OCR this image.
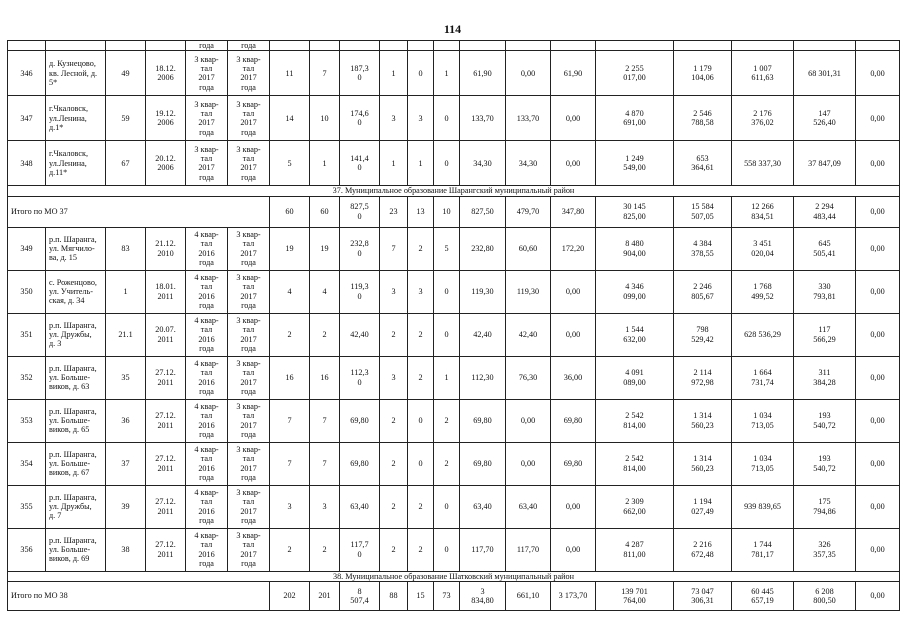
114
				года	года														
346	д. Кузнецово,
кв. Лесной, д.
5*	49	18.12.
2006	3 квар-
тал
2017
года	3 квар-
тал
2017
года	11	7	187,3
0	1	0	1	61,90	0,00	61,90	2 255
017,00	1 179
104,06	1 007
611,63	68 301,31	0,00
347	г.Чкаловск,
ул.Ленина,
д.1*	59	19.12.
2006	3 квар-
тал
2017
года	3 квар-
тал
2017
года	14	10	174,6
0	3	3	0	133,70	133,70	0,00	4 870
691,00	2 546
788,58	2 176
376,02	147
526,40	0,00
348	г.Чкаловск,
ул.Ленина,
д.11*	67	20.12.
2006	3 квар-
тал
2017
года	3 квар-
тал
2017
года	5	1	141,4
0	1	1	0	34,30	34,30	0,00	1 249
549,00	653
364,61	558 337,30	37 847,09	0,00
37. Муниципальное образование Шарангский муниципальный район																			
Итого по МО 37						60	60	827,5
0	23	13	10	827,50	479,70	347,80	30 145
825,00	15 584
507,05	12 266
834,51	2 294
483,44	0,00
349	р.п. Шаранга,
ул. Мягчило-
ва, д. 15	83	21.12.
2010	4 квар-
тал
2016
года	3 квар-
тал
2017
года	19	19	232,8
0	7	2	5	232,80	60,60	172,20	8 480
904,00	4 384
378,55	3 451
020,04	645
505,41	0,00
350	с. Роженцово,
ул. Учитель-
ская, д. 34	1	18.01.
2011	4 квар-
тал
2016
года	3 квар-
тал
2017
года	4	4	119,3
0	3	3	0	119,30	119,30	0,00	4 346
099,00	2 246
805,67	1 768
499,52	330
793,81	0,00
351	р.п. Шаранга,
ул. Дружбы,
д. 3	21.1	20.07.
2011	4 квар-
тал
2016
года	3 квар-
тал
2017
года	2	2	42,40	2	2	0	42,40	42,40	0,00	1 544
632,00	798
529,42	628 536,29	117
566,29	0,00
352	р.п. Шаранга,
ул. Больше-
виков, д. 63	35	27.12.
2011	4 квар-
тал
2016
года	3 квар-
тал
2017
года	16	16	112,3
0	3	2	1	112,30	76,30	36,00	4 091
089,00	2 114
972,98	1 664
731,74	311
384,28	0,00
353	р.п. Шаранга,
ул. Больше-
виков, д. 65	36	27.12.
2011	4 квар-
тал
2016
года	3 квар-
тал
2017
года	7	7	69,80	2	0	2	69,80	0,00	69,80	2 542
814,00	1 314
560,23	1 034
713,05	193
540,72	0,00
354	р.п. Шаранга,
ул. Больше-
виков, д. 67	37	27.12.
2011	4 квар-
тал
2016
года	3 квар-
тал
2017
года	7	7	69,80	2	0	2	69,80	0,00	69,80	2 542
814,00	1 314
560,23	1 034
713,05	193
540,72	0,00
355	р.п. Шаранга,
ул. Дружбы,
д. 7	39	27.12.
2011	4 квар-
тал
2016
года	3 квар-
тал
2017
года	3	3	63,40	2	2	0	63,40	63,40	0,00	2 309
662,00	1 194
027,49	939 839,65	175
794,86	0,00
356	р.п. Шаранга,
ул. Больше-
виков, д. 69	38	27.12.
2011	4 квар-
тал
2016
года	3 квар-
тал
2017
года	2	2	117,7
0	2	2	0	117,70	117,70	0,00	4 287
811,00	2 216
672,48	1 744
781,17	326
357,35	0,00
38. Муниципальное образование Шатковский муниципальный район																			
Итого по МО 38						202	201	8
507,4	88	15	73	3
834,80	661,10	3 173,70	139 701
764,00	73 047
306,31	60 445
657,19	6 208
800,50	0,00
